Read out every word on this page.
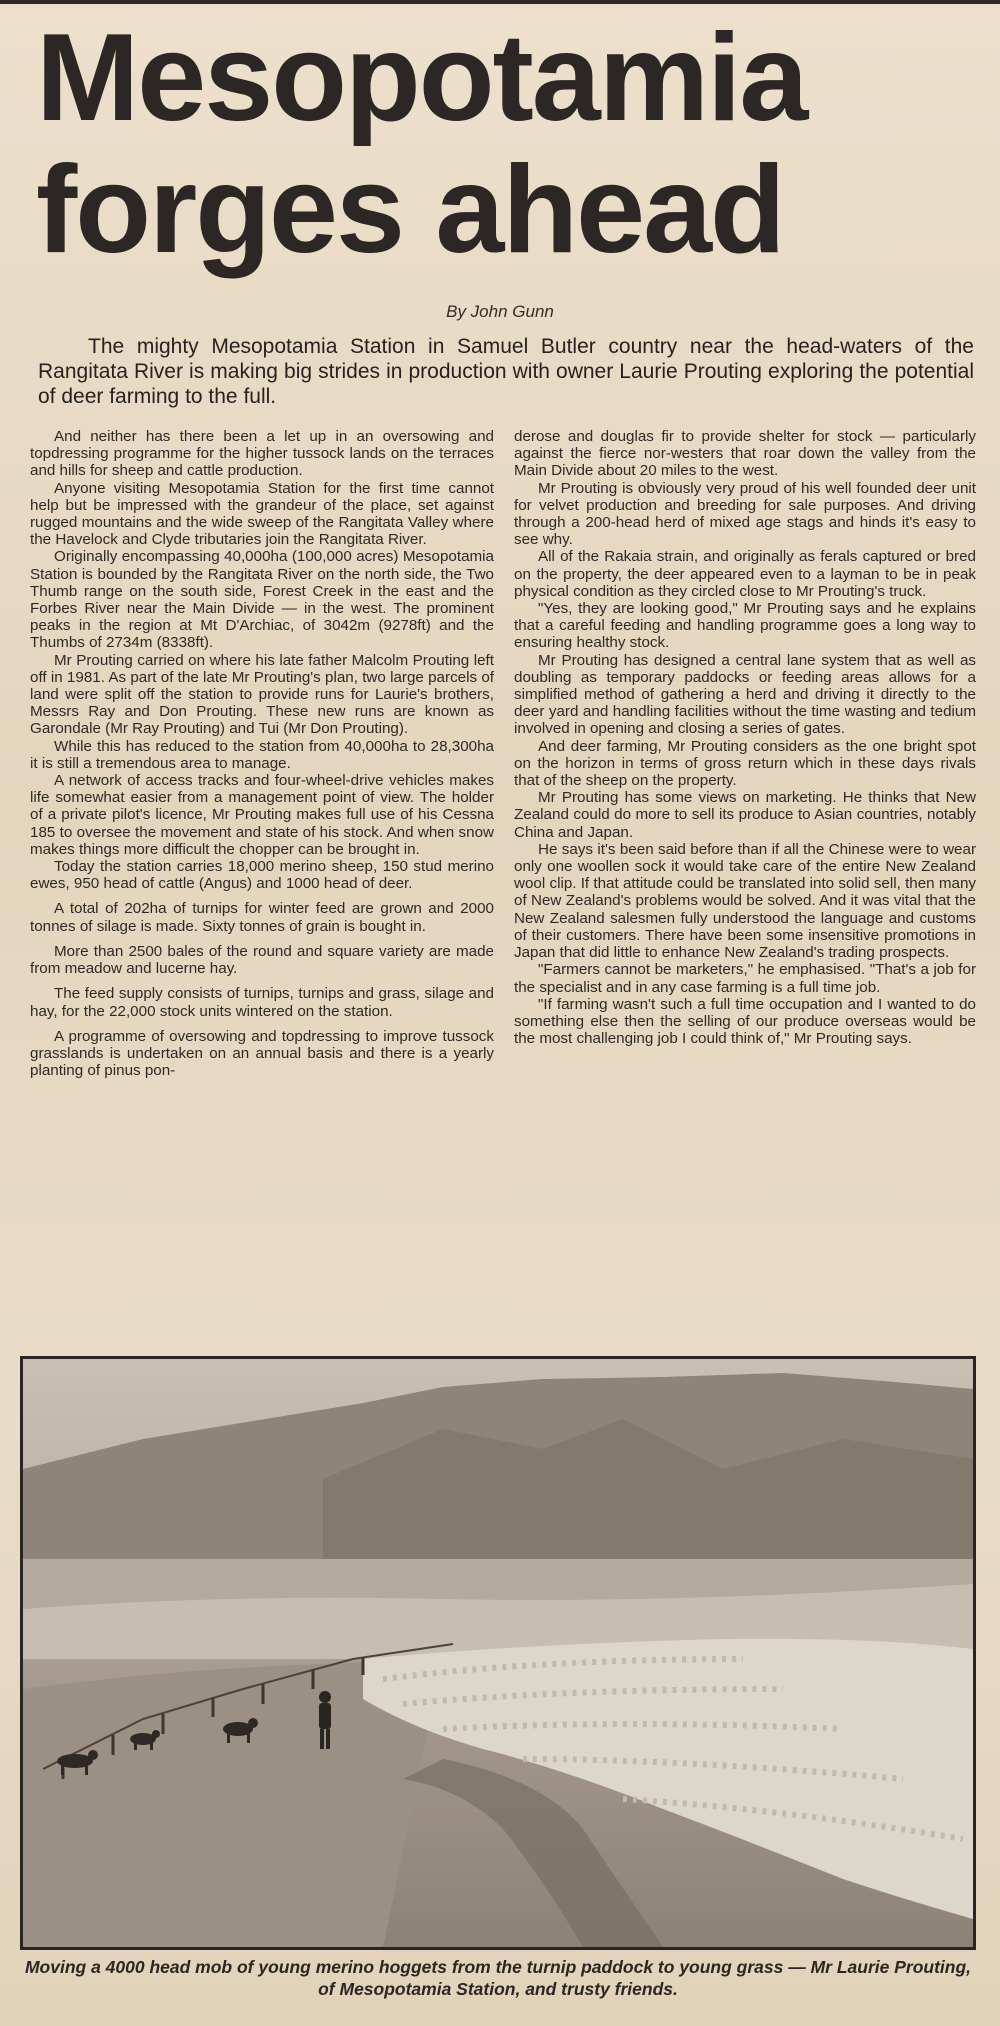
Mesopotamia
forges ahead
By John Gunn

The mighty Mesopotamia Station in Samuel Butler country near the head-waters of the Rangitata River is making big strides in production with owner Laurie Prouting exploring the potential of deer farming to the full.

And neither has there been a let up in an oversowing and topdressing programme for the higher tussock lands on the terraces and hills for sheep and cattle production.

Anyone visiting Mesopotamia Station for the first time cannot help but be impressed with the grandeur of the place, set against rugged mountains and the wide sweep of the Rangitata Valley where the Havelock and Clyde tributaries join the Rangitata River.

Originally encompassing 40,000ha (100,000 acres) Mesopotamia Station is bounded by the Rangitata River on the north side, the Two Thumb range on the south side, Forest Creek in the east and the Forbes River near the Main Divide — in the west. The prominent peaks in the region at Mt D'Archiac, of 3042m (9278ft) and the Thumbs of 2734m (8338ft).

Mr Prouting carried on where his late father Malcolm Prouting left off in 1981. As part of the late Mr Prouting's plan, two large parcels of land were split off the station to provide runs for Laurie's brothers, Messrs Ray and Don Prouting. These new runs are known as Garondale (Mr Ray Prouting) and Tui (Mr Don Prouting).

While this has reduced to the station from 40,000ha to 28,300ha it is still a tremendous area to manage.

A network of access tracks and four-wheel-drive vehicles makes life somewhat easier from a management point of view. The holder of a private pilot's licence, Mr Prouting makes full use of his Cessna 185 to oversee the movement and state of his stock. And when snow makes things more difficult the chopper can be brought in.

Today the station carries 18,000 merino sheep, 150 stud merino ewes, 950 head of cattle (Angus) and 1000 head of deer.

A total of 202ha of turnips for winter feed are grown and 2000 tonnes of silage is made. Sixty tonnes of grain is bought in.

More than 2500 bales of the round and square variety are made from meadow and lucerne hay.

The feed supply consists of turnips, turnips and grass, silage and hay, for the 22,000 stock units wintered on the station.

A programme of oversowing and topdressing to improve tussock grasslands is undertaken on an annual basis and there is a yearly planting of pinus pon-

derose and douglas fir to provide shelter for stock — particularly against the fierce nor-westers that roar down the valley from the Main Divide about 20 miles to the west.

Mr Prouting is obviously very proud of his well founded deer unit for velvet production and breeding for sale purposes. And driving through a 200-head herd of mixed age stags and hinds it's easy to see why.

All of the Rakaia strain, and originally as ferals captured or bred on the property, the deer appeared even to a layman to be in peak physical condition as they circled close to Mr Prouting's truck.

"Yes, they are looking good," Mr Prouting says and he explains that a careful feeding and handling programme goes a long way to ensuring healthy stock.

Mr Prouting has designed a central lane system that as well as doubling as temporary paddocks or feeding areas allows for a simplified method of gathering a herd and driving it directly to the deer yard and handling facilities without the time wasting and tedium involved in opening and closing a series of gates.

And deer farming, Mr Prouting considers as the one bright spot on the horizon in terms of gross return which in these days rivals that of the sheep on the property.

Mr Prouting has some views on marketing. He thinks that New Zealand could do more to sell its produce to Asian countries, notably China and Japan.

He says it's been said before than if all the Chinese were to wear only one woollen sock it would take care of the entire New Zealand wool clip. If that attitude could be translated into solid sell, then many of New Zealand's problems would be solved. And it was vital that the New Zealand salesmen fully understood the language and customs of their customers. There have been some insensitive promotions in Japan that did little to enhance New Zealand's trading prospects.

"Farmers cannot be marketers," he emphasised. "That's a job for the specialist and in any case farming is a full time job.

"If farming wasn't such a full time occupation and I wanted to do something else then the selling of our produce overseas would be the most challenging job I could think of," Mr Prouting says.

Moving a 4000 head mob of young merino hoggets from the turnip paddock to young grass — Mr Laurie Prouting, of Mesopotamia Station, and trusty friends.
